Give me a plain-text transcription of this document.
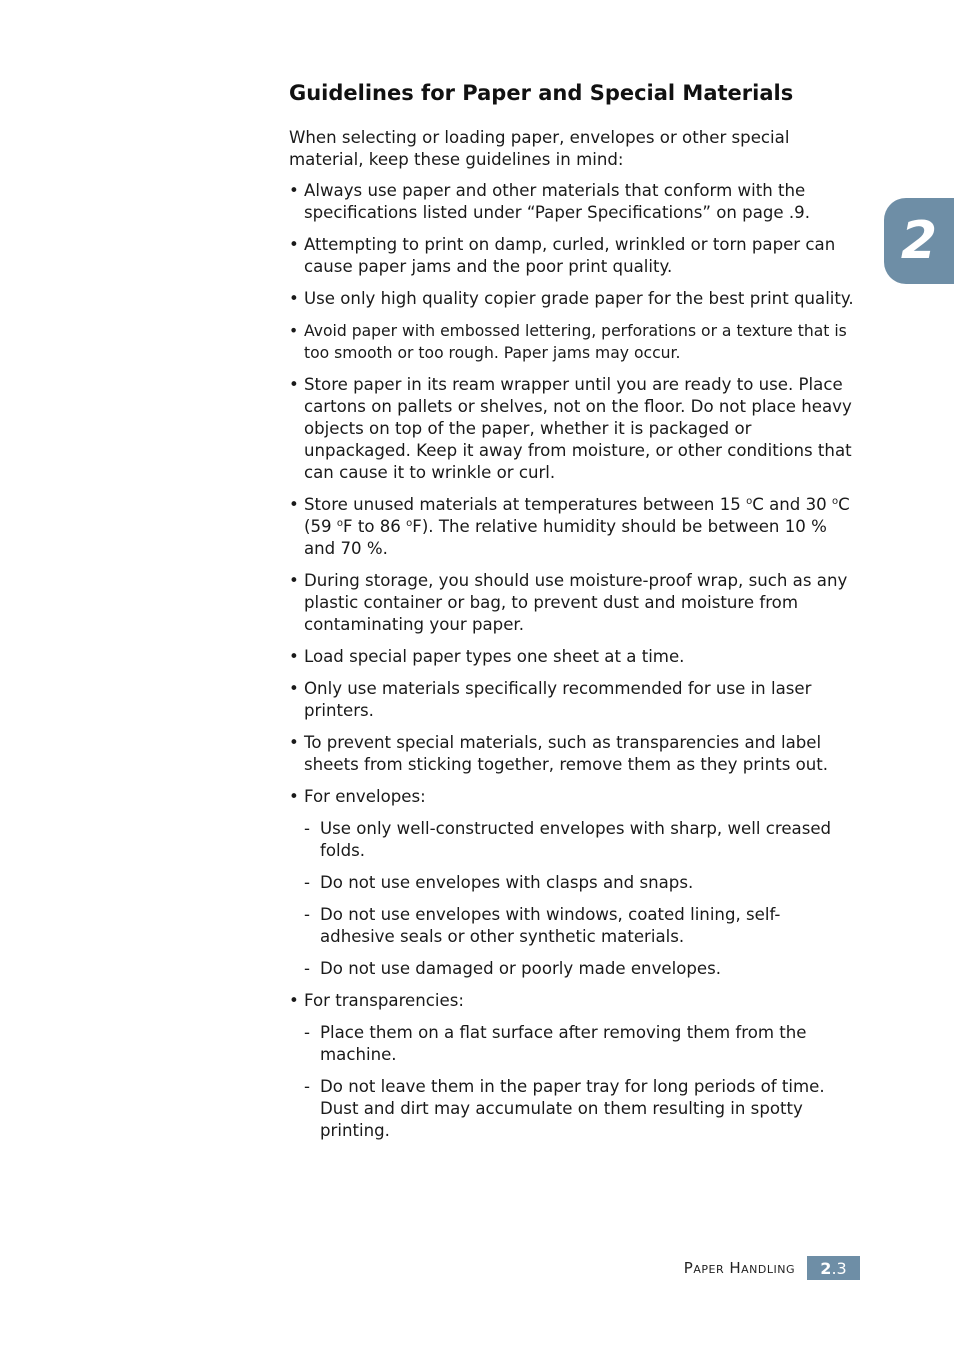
2
Guidelines for Paper and Special Materials

When selecting or loading paper, envelopes or other special material, keep these guidelines in mind:

• Always use paper and other materials that conform with the specifications listed under “Paper Specifications” on page .9.
• Attempting to print on damp, curled, wrinkled or torn paper can cause paper jams and the poor print quality.
• Use only high quality copier grade paper for the best print quality.
• Avoid paper with embossed lettering, perforations or a texture that is too smooth or too rough. Paper jams may occur.
• Store paper in its ream wrapper until you are ready to use. Place cartons on pallets or shelves, not on the floor. Do not place heavy objects on top of the paper, whether it is packaged or unpackaged. Keep it away from moisture, or other conditions that can cause it to wrinkle or curl.
• Store unused materials at temperatures between 15 $^o$C and 30 $^o$C (59 $^o$F to 86 $^o$F). The relative humidity should be between 10 % and 70 %.
• During storage, you should use moisture-proof wrap, such as any plastic container or bag, to prevent dust and moisture from contaminating your paper.
• Load special paper types one sheet at a time.
• Only use materials specifically recommended for use in laser printers.
• To prevent special materials, such as transparencies and label sheets from sticking together, remove them as they prints out.
• For envelopes:
- Use only well-constructed envelopes with sharp, well creased folds.
- Do not use envelopes with clasps and snaps.
- Do not use envelopes with windows, coated lining, self-adhesive seals or other synthetic materials.
- Do not use damaged or poorly made envelopes.
• For transparencies:
- Place them on a flat surface after removing them from the machine.
- Do not leave them in the paper tray for long periods of time. Dust and dirt may accumulate on them resulting in spotty printing.
Paper Handling 2 .3
